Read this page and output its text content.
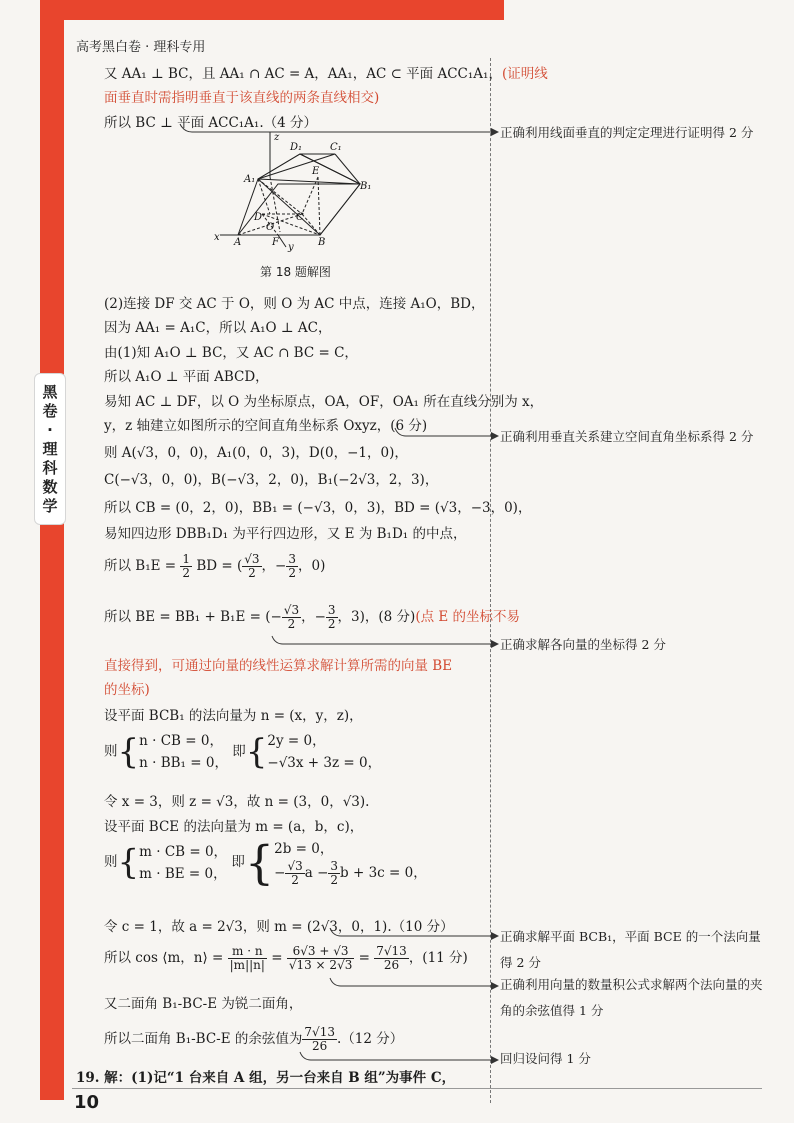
黑
卷
·
理
科
数
学
高考黑白卷 · 理科专用
又 AA₁ ⊥ BC，且 AA₁ ∩ AC = A，AA₁，AC ⊂ 平面 ACC₁A₁，(证明线
面垂直时需指明垂直于该直线的两条直线相交)
所以 BC ⊥ 平面 ACC₁A₁.（4 分）
z
D₁	C₁
A₁
E
B₁
D	C
O
A	F	B
x
y
第 18 题解图
(2)连接 DF 交 AC 于 O，则 O 为 AC 中点，连接 A₁O，BD，
因为 AA₁ = A₁C，所以 A₁O ⊥ AC，
由(1)知 A₁O ⊥ BC，又 AC ∩ BC = C，
所以 A₁O ⊥ 平面 ABCD，
易知 AC ⊥ DF，以 O 为坐标原点，OA，OF，OA₁ 所在直线分别为 x，
y，z 轴建立如图所示的空间直角坐标系 Oxyz，(6 分)
则 A(√3，0，0)，A₁(0，0，3)，D(0，−1，0)，
C(−√3，0，0)，B(−√3，2，0)，B₁(−2√3，2，3)，
所以 CB = (0，2，0)，BB₁ = (−√3，0，3)，BD = (√3，−3，0)，
易知四边形 DBB₁D₁ 为平行四边形，又 E 为 B₁D₁ 的中点，
所以 $B_1E = \frac{1}{2}$ BD = ( $\frac{√3}{2}$ ，− $\frac{3}{2}$ ，0)
所以 BE = BB₁ + B₁E = (− $\frac{√3}{2}$ ，− $\frac{3}{2}$ ，3)，(8 分)(点 E 的坐标不易
直接得到，可通过向量的线性运算求解计算所需的向量 BE
的坐标)
设平面 BCB₁ 的法向量为 n = (x，y，z)，
则{ n · CB = 0，
n · BB₁ = 0，
即{ 2y = 0，
−√3x + 3z = 0，
令 x = 3，则 z = √3，故 n = (3，0，√3).
设平面 BCE 的法向量为 m = (a，b，c)，
则{ m · CB = 0，
m · BE = 0，
即{ 2b = 0，
− $\frac{√3}{2}$ $a - \frac{3}{2}$ b + 3c = 0，
令 c = 1，故 a = 2√3，则 m = (2√3，0，1).（10 分）
所以 cos ⟨m，n⟩ = $\frac{m \cdot n}{|m||n|} = \frac{6√3 + √3}{√13 \times 2√3} = \frac{7√13}{26}$ ，(11 分)
又二面角 B₁-BC-E 为锐二面角，
所以二面角 B₁-BC-E 的余弦值为 $\frac{7√13}{26} .(12$ 分）
19. 解：(1)记“1 台来自 A 组，另一台来自 B 组”为事件 C，
正确利用线面垂直的判定定理进行证明得 2 分
正确利用垂直关系建立空间直角坐标系得 2 分
正确求解各向量的坐标得 2 分
正确求解平面 BCB₁，平面 BCE 的一个法向量得 2 分
正确利用向量的数量积公式求解两个法向量的夹角的余弦值得 1 分
回归设问得 1 分
10
